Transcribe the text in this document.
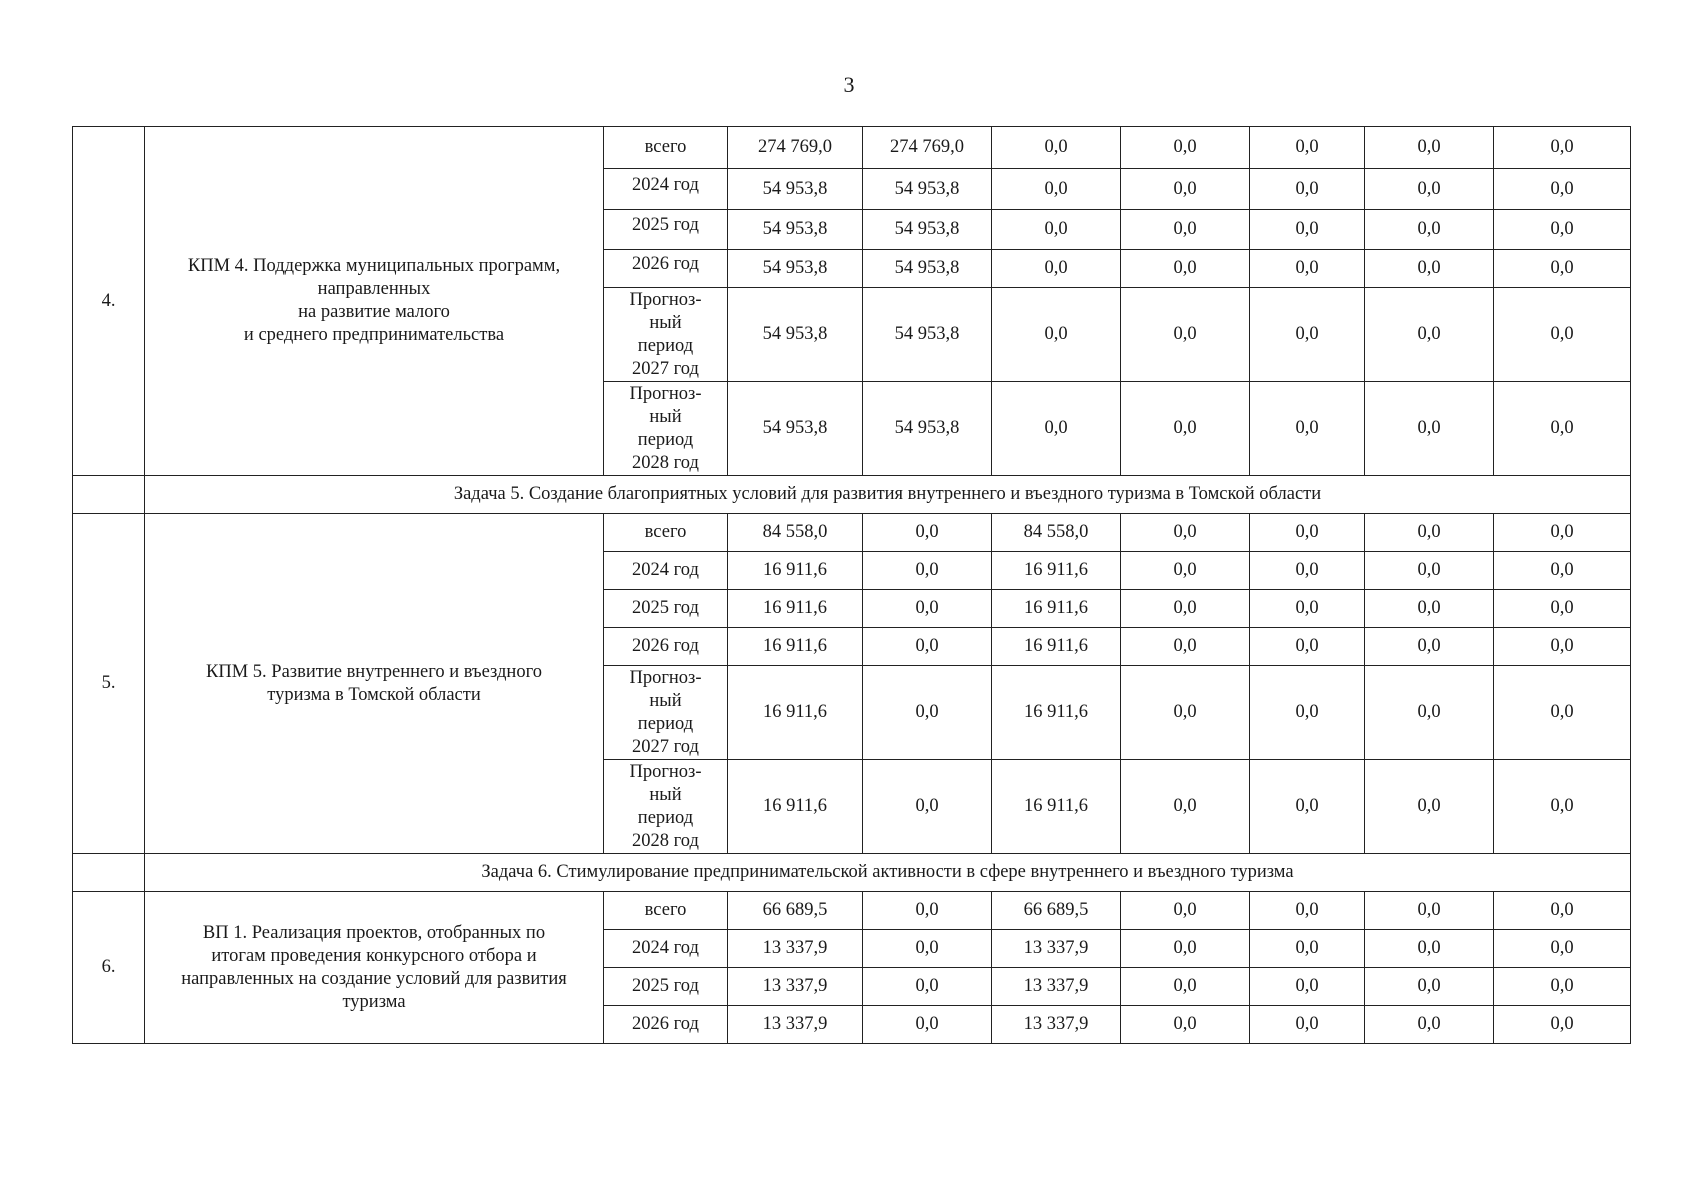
3
4.	КПМ 4. Поддержка муниципальных программ,
направленных
на развитие малого
и среднего предпринимательства	всего	274 769,0	274 769,0	0,0	0,0	0,0	0,0	0,0

		2024 год	54 953,8	54 953,8	0,0	0,0	0,0	0,0	0,0

		2025 год	54 953,8	54 953,8	0,0	0,0	0,0	0,0	0,0

		2026 год	54 953,8	54 953,8	0,0	0,0	0,0	0,0	0,0

		Прогноз-
ный
период
2027 год	54 953,8	54 953,8	0,0	0,0	0,0	0,0	0,0

		Прогноз-
ный
период
2028 год	54 953,8	54 953,8	0,0	0,0	0,0	0,0	0,0
	Задача 5. Создание благоприятных условий для развития внутреннего и въездного туризма в Томской области								
5.	КПМ 5. Развитие внутреннего и въездного
туризма в Томской области	всего	84 558,0	0,0	84 558,0	0,0	0,0	0,0	0,0

		2024 год	16 911,6	0,0	16 911,6	0,0	0,0	0,0	0,0

		2025 год	16 911,6	0,0	16 911,6	0,0	0,0	0,0	0,0

		2026 год	16 911,6	0,0	16 911,6	0,0	0,0	0,0	0,0

		Прогноз-
ный
период
2027 год	16 911,6	0,0	16 911,6	0,0	0,0	0,0	0,0

		Прогноз-
ный
период
2028 год	16 911,6	0,0	16 911,6	0,0	0,0	0,0	0,0
	Задача 6. Стимулирование предпринимательской активности в сфере внутреннего и въездного туризма								
6.	ВП 1. Реализация проектов, отобранных по
итогам проведения конкурсного отбора и
направленных на создание условий для развития
туризма	всего	66 689,5	0,0	66 689,5	0,0	0,0	0,0	0,0

		2024 год	13 337,9	0,0	13 337,9	0,0	0,0	0,0	0,0

		2025 год	13 337,9	0,0	13 337,9	0,0	0,0	0,0	0,0

		2026 год	13 337,9	0,0	13 337,9	0,0	0,0	0,0	0,0
